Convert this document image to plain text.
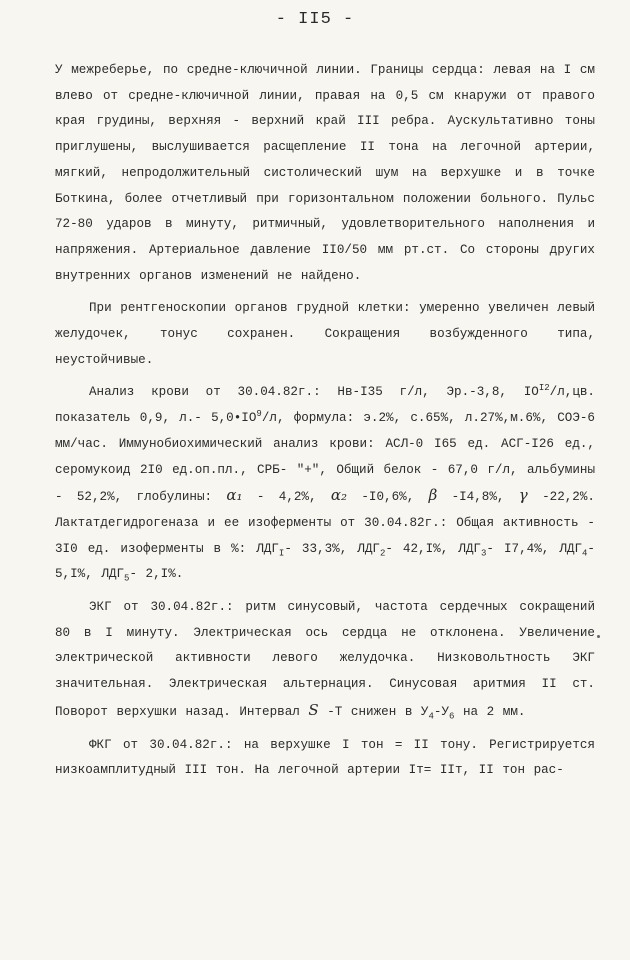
- II5 -

У межреберье, по средне-ключичной линии. Границы сердца: левая на I см влево от средне-ключичной линии, правая на 0,5 см кнаружи от правого края грудины, верхняя - верхний край III ребра. Аускультативно тоны приглушены, выслушивается расщепление II тона на легочной артерии, мягкий, непродолжительный систолический шум на верхушке и в точке Боткина, более отчетливый при горизонтальном положении больного. Пульс 72-80 ударов в минуту, ритмичный, удовлетворительного наполнения и напряжения. Артериальное давление II0/50 мм рт.ст. Со стороны других внутренних органов изменений не найдено.

При рентгеноскопии органов грудной клетки: умеренно увеличен левый желудочек, тонус сохранен. Сокращения возбужденного типа, неустойчивые.

Анализ крови от 30.04.82г.: Нв-I35 г/л, Эр.-3,8, $IO^{I2}/л,цв$. показатель 0,9, л.- $5,0•IO^9/л$, формула: э.2%, с.65%, л.27%,м.6%, СОЭ-6 мм/час. Иммунобиохимический анализ крови: АСЛ-0 I65 ед. АСГ-I26 ед., серомукоид 2I0 ед.оп.пл., СРБ- "+", Общий белок - 67,0 г/л, альбумины - 52,2%, глобулины: α₁ - 4,2%, α₂ -I0,6%, β -I4,8%, γ -22,2%. Лактатдегидрогеназа и ее изоферменты от 30.04.82г.: Общая активность - 3I0 ед. изоферменты в %: $ЛДГ_I-$ 33,3%, $ЛДГ_2-$ 42,I%, $ЛДГ_3-$ I7,4%, $ЛДГ_4-$ 5,I%, $ЛДГ_5-$ 2,I%.

ЭКГ от 30.04.82г.: ритм синусовый, частота сердечных сокращений 80 в I минуту. Электрическая ось сердца не отклонена. Увеличение электрической активности левого желудочка. Низковольтность ЭКГ значительная. Электрическая альтернация. Синусовая аритмия II ст. Поворот верхушки назад. Интервал S -Т снижен в $У_4-У_6$ на 2 мм.

ФКГ от 30.04.82г.: на верхушке I тон = II тону. Регистрируется низкоамплитудный III тон. На легочной артерии Iт= IIт, II тон рас-
